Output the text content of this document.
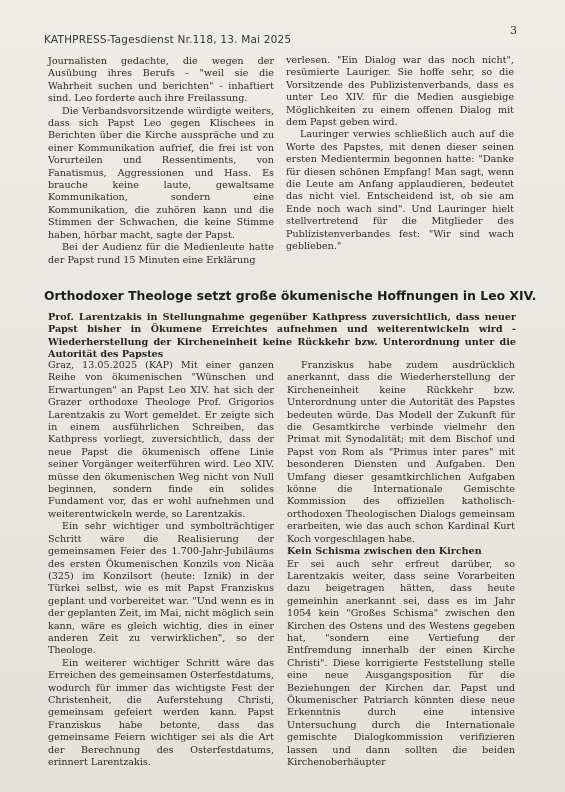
KATHPRESS-Tagesdienst Nr.118, 13. Mai 2025
3

Journalisten gedachte, die wegen der Ausübung ihres Berufs - "weil sie die Wahrheit suchen und berichten" - inhaftiert sind. Leo forderte auch ihre Freilassung.

Die Verbandsvorsitzende würdigte weiters, dass sich Papst Leo gegen Klischees in Berichten über die Kirche ausspräche und zu einer Kommunikation aufrief, die frei ist von Vorurteilen und Ressentiments, von Fanatismus, Aggressionen und Hass. Es brauche keine laute, gewaltsame Kommunikation, sondern eine Kommunikation, die zuhören kann und die Stimmen der Schwachen, die keine Stimme haben, hörbar macht, sagte der Papst.

Bei der Audienz für die Medienleute hatte der Papst rund 15 Minuten eine Erklärung

verlesen. "Ein Dialog war das noch nicht", resümierte Lauriger. Sie hoffe sehr, so die Vorsitzende des Publizistenverbands, dass es unter Leo XIV. für die Medien ausgiebige Möglichkeiten zu einem offenen Dialog mit dem Papst geben wird.

Lauringer verwies schließlich auch auf die Worte des Papstes, mit denen dieser seinen ersten Medientermin begonnen hatte: "Danke für diesen schönen Empfang! Man sagt, wenn die Leute am Anfang applaudieren, bedeutet das nicht viel. Entscheidend ist, ob sie am Ende noch wach sind". Und Lauringer hielt stellvertretend für die Mitglieder des Publizistenverbandes fest: "Wir sind wach geblieben."

Orthodoxer Theologe setzt große ökumenische Hoffnungen in Leo XIV.
Prof. Larentzakis in Stellungnahme gegenüber Kathpress zuversichtlich, dass neuer Papst bisher in Ökumene Erreichtes aufnehmen und weiterentwickeln wird - Wiederherstellung der Kircheneinheit keine Rückkehr bzw. Unterordnung unter die Autorität des Papstes

Graz, 13.05.2025 (KAP) Mit einer ganzen Reihe von ökumenischen "Wünschen und Erwartungen" an Papst Leo XIV. hat sich der Grazer orthodoxe Theologe Prof. Grigorios Larentzakis zu Wort gemeldet. Er zeigte sich in einem ausführlichen Schreiben, das Kathpress vorliegt, zuversichtlich, dass der neue Papst die ökumenisch offene Linie seiner Vorgänger weiterführen wird. Leo XIV. müsse den ökumenischen Weg nicht von Null beginnen, sondern finde ein solides Fundament vor, das er wohl aufnehmen und weiterentwickeln werde, so Larentzakis.

Ein sehr wichtiger und symbolträchtiger Schritt wäre die Realisierung der gemeinsamen Feier des 1.700-Jahr-Jubiläums des ersten Ökumenischen Konzils von Nicäa (325) im Konzilsort (heute: Iznik) in der Türkei selbst, wie es mit Papst Franziskus geplant und vorbereitet war. "Und wenn es in der geplanten Zeit, im Mai, nicht möglich sein kann, wäre es gleich wichtig, dies in einer anderen Zeit zu verwirklichen", so der Theologe.

Ein weiterer wichtiger Schritt wäre das Erreichen des gemeinsamen Osterfestdatums, wodurch für immer das wichtigste Fest der Christenheit, die Auferstehung Christi, gemeinsam gefeiert werden kann. Papst Franziskus habe betonte, dass das gemeinsame Feiern wichtiger sei als die Art der Berechnung des Osterfestdatums, erinnert Larentzakis.

Franziskus habe zudem ausdrücklich anerkannt, dass die Wiederherstellung der Kircheneinheit keine Rückkehr bzw. Unterordnung unter die Autorität des Papstes bedeuten würde. Das Modell der Zukunft für die Gesamtkirche verbinde vielmehr den Primat mit Synodalität; mit dem Bischof und Papst von Rom als "Primus inter pares" mit besonderen Diensten und Aufgaben. Den Umfang dieser gesamtkirchlichen Aufgaben könne die Internationale Gemischte Kommission des offiziellen katholisch-orthodoxen Theologischen Dialogs gemeinsam erarbeiten, wie das auch schon Kardinal Kurt Koch vorgeschlagen habe.

Kein Schisma zwischen den Kirchen

Er sei auch sehr erfreut darüber, so Larentzakis weiter, dass seine Vorarbeiten dazu beigetragen hätten, dass heute gemeinhin anerkannt sei, dass es im Jahr 1054 kein "Großes Schisma" zwischen den Kirchen des Ostens und des Westens gegeben hat, "sondern eine Vertiefung der Entfremdung innerhalb der einen Kirche Christi". Diese korrigierte Feststellung stelle eine neue Ausgangsposition für die Beziehungen der Kirchen dar. Papst und Ökumenischer Patriarch könnten diese neue Erkenntnis durch eine intensive Untersuchung durch die Internationale gemischte Dialogkommission verifizieren lassen und dann sollten die beiden Kirchenoberhäupter
